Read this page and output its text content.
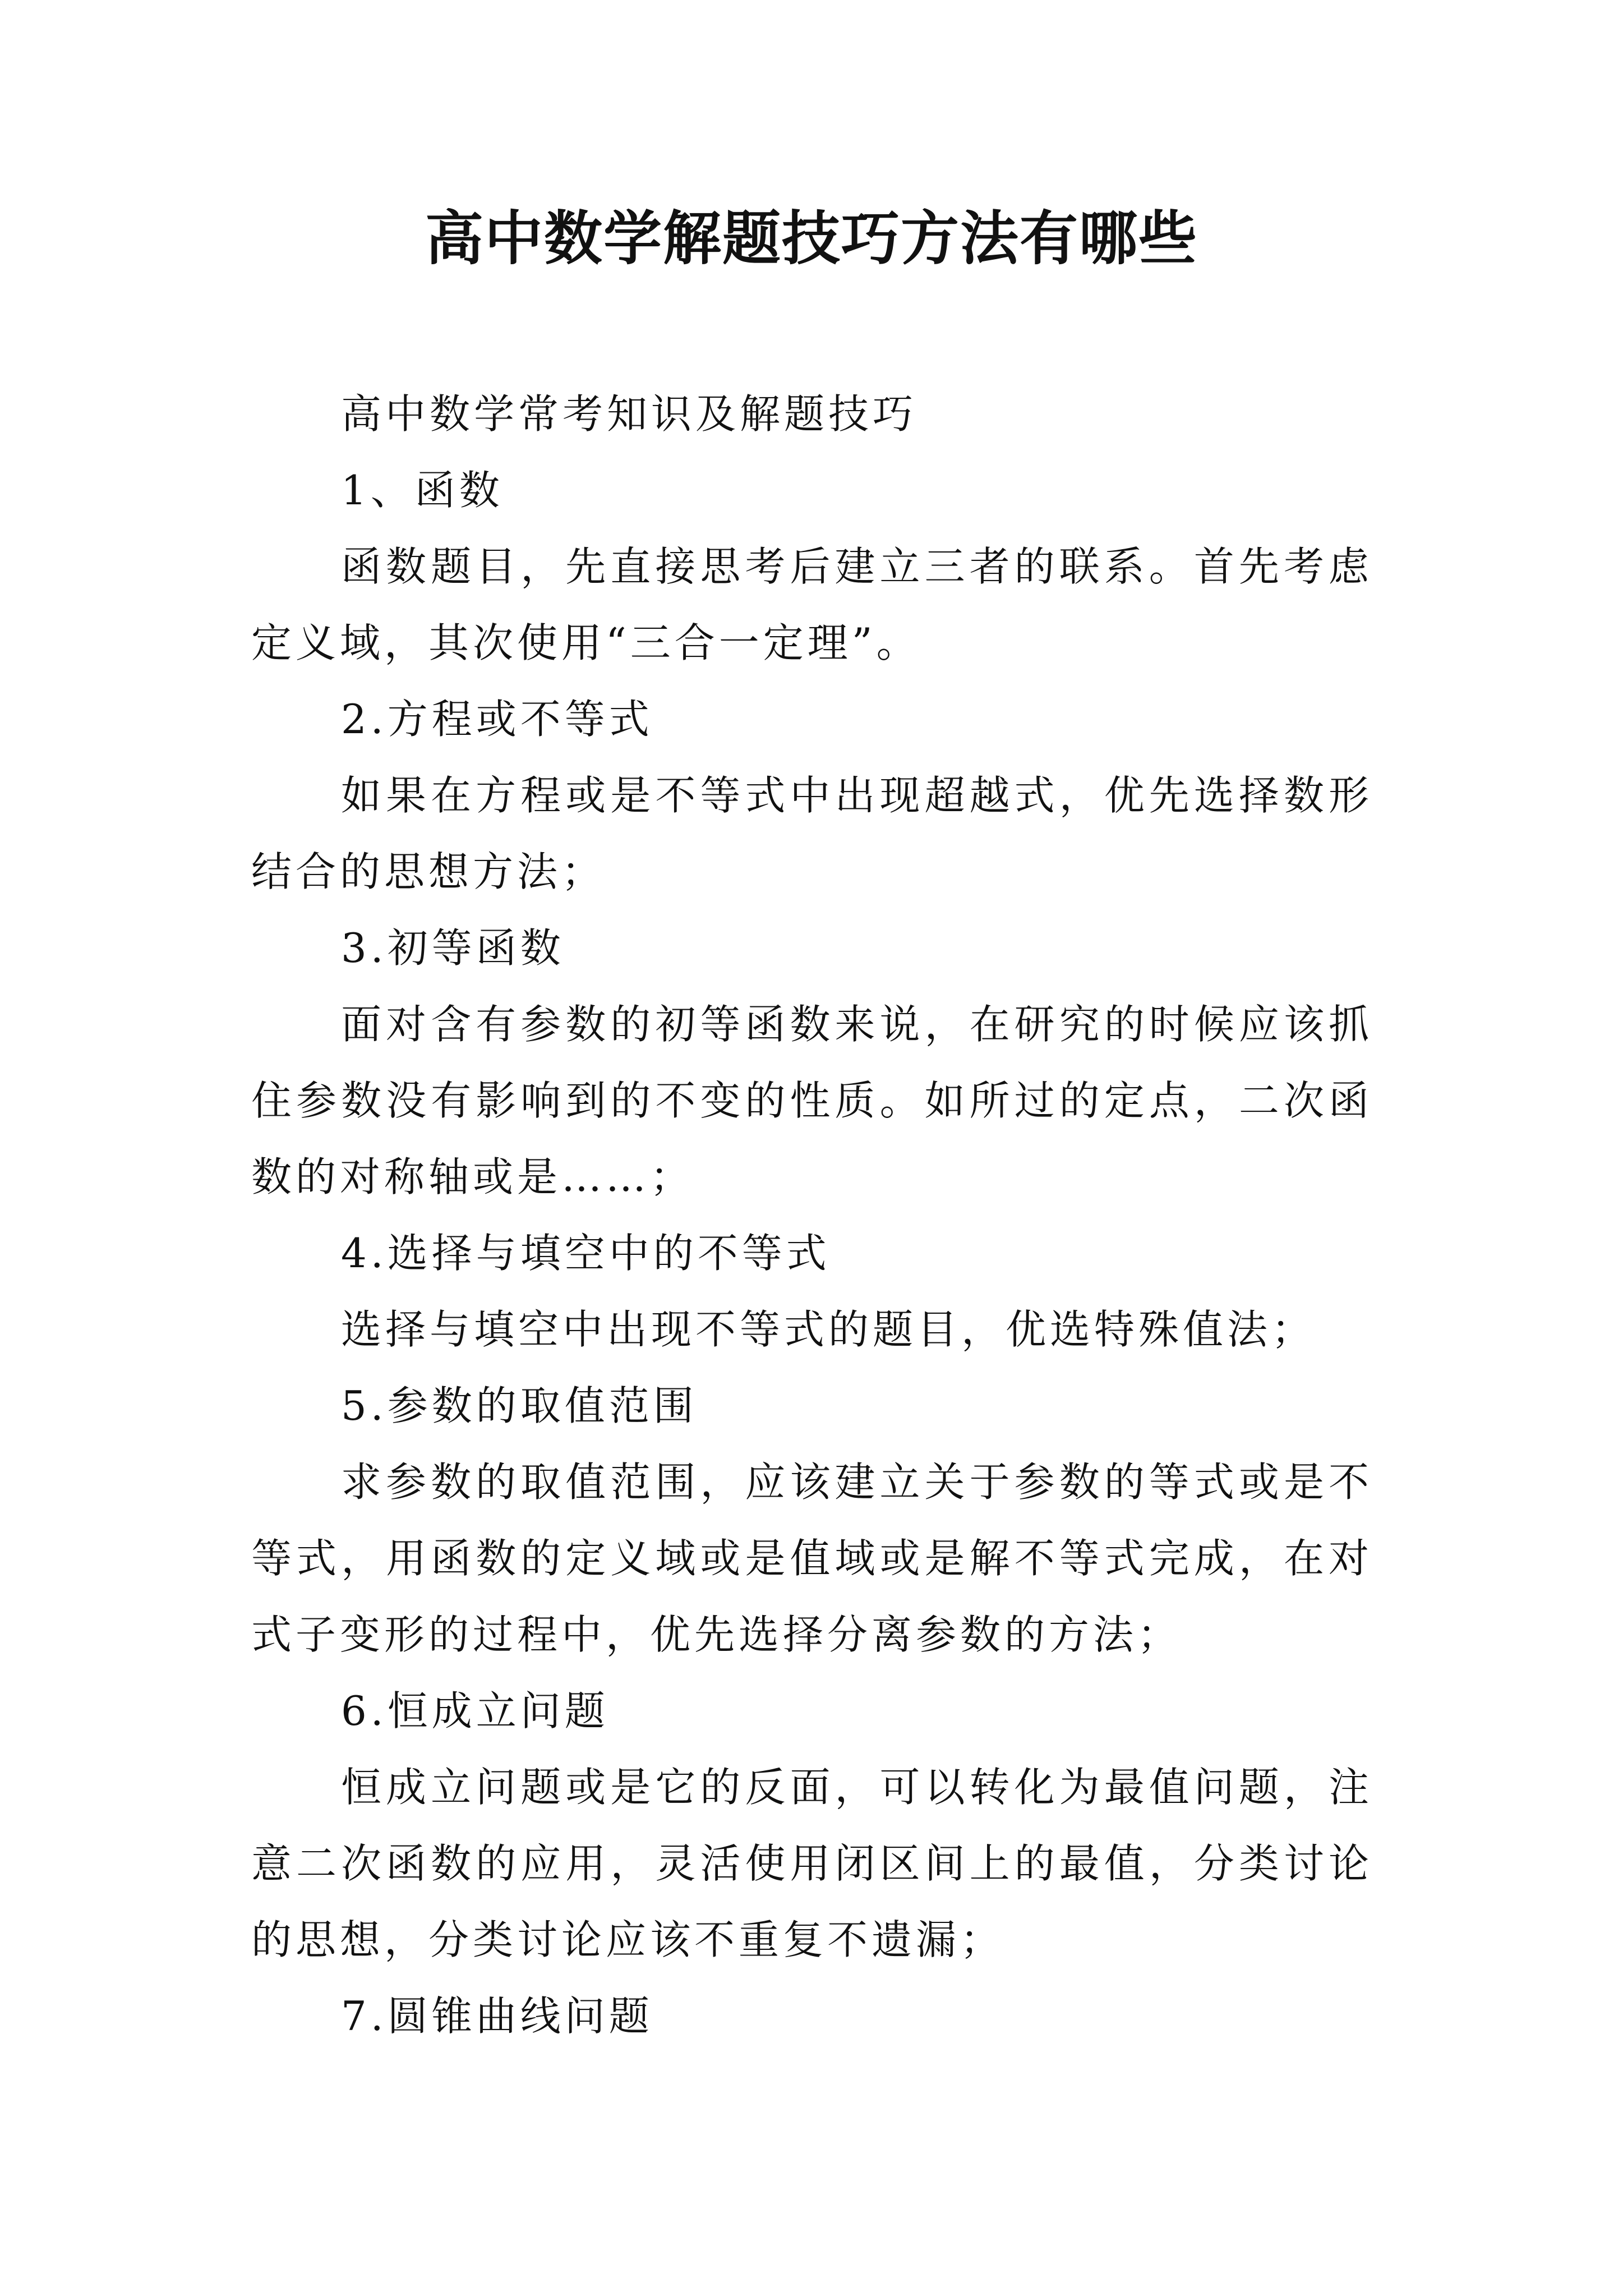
高中数学解题技巧方法有哪些

高中数学常考知识及解题技巧

1、函数

函数题目，先直接思考后建立三者的联系。首先考虑定义域，其次使用“三合一定理”。

2.方程或不等式

如果在方程或是不等式中出现超越式，优先选择数形结合的思想方法；

3.初等函数

面对含有参数的初等函数来说，在研究的时候应该抓住参数没有影响到的不变的性质。如所过的定点，二次函数的对称轴或是……；

4.选择与填空中的不等式

选择与填空中出现不等式的题目，优选特殊值法；

5.参数的取值范围

求参数的取值范围，应该建立关于参数的等式或是不等式，用函数的定义域或是值域或是解不等式完成，在对式子变形的过程中，优先选择分离参数的方法；

6.恒成立问题

恒成立问题或是它的反面，可以转化为最值问题，注意二次函数的应用，灵活使用闭区间上的最值，分类讨论的思想，分类讨论应该不重复不遗漏；

7.圆锥曲线问题
